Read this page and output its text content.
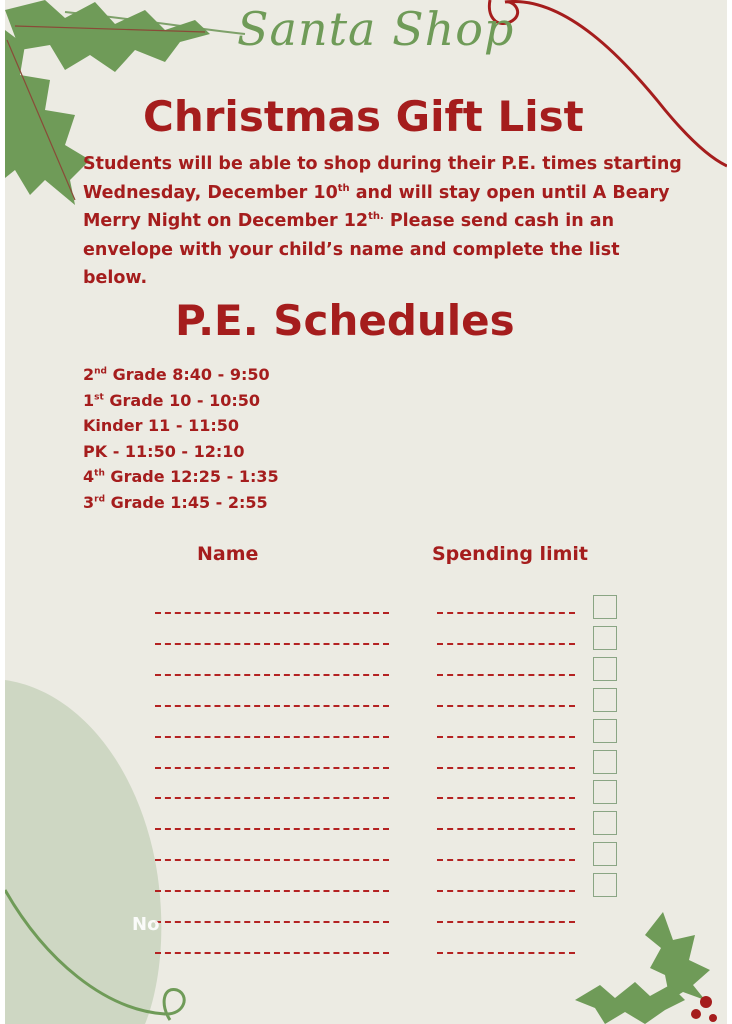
Santa Shop
Christmas Gift List
Students will be able to shop during their P.E. times starting Wednesday, December 10th and will stay open until A Beary Merry Night on December $12^{th.}$ Please send cash in an envelope with your child’s name and complete the list below.
P.E. Schedules
2nd Grade 8:40 - 9:50
1st Grade 10 - 10:50
Kinder 11 - 11:50
PK - 11:50 - 12:10
4th Grade 12:25 - 1:35
3rd Grade 1:45 - 2:55
Name	Spending limit
No
